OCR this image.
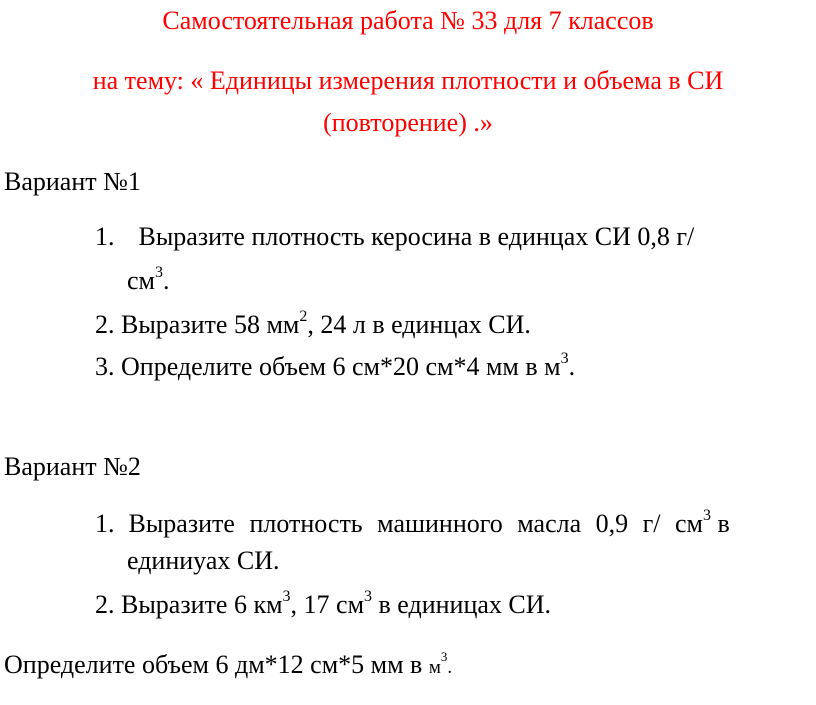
Самостоятельная работа № 33 для 7 классов
на тему: « Единицы измерения плотности и объема в СИ
(повторение) .»
Вариант №1
1. Выразите плотность керосина в единцах СИ 0,8 г/
$см^3$.
2. Выразите 58 $мм^2$, 24 л в единцах СИ.
3. Определите объем 6 см*20 см*4 мм в $м^3$.
Вариант №2
1. Выразите плотность машинного масла 0,9 г/ $см^3$ в
единиуах СИ.
2. Выразите 6 $км^3$, 17 $см^3$ в единицах СИ.
Определите объем 6 дм*12 см*5 мм в $м^3$.
